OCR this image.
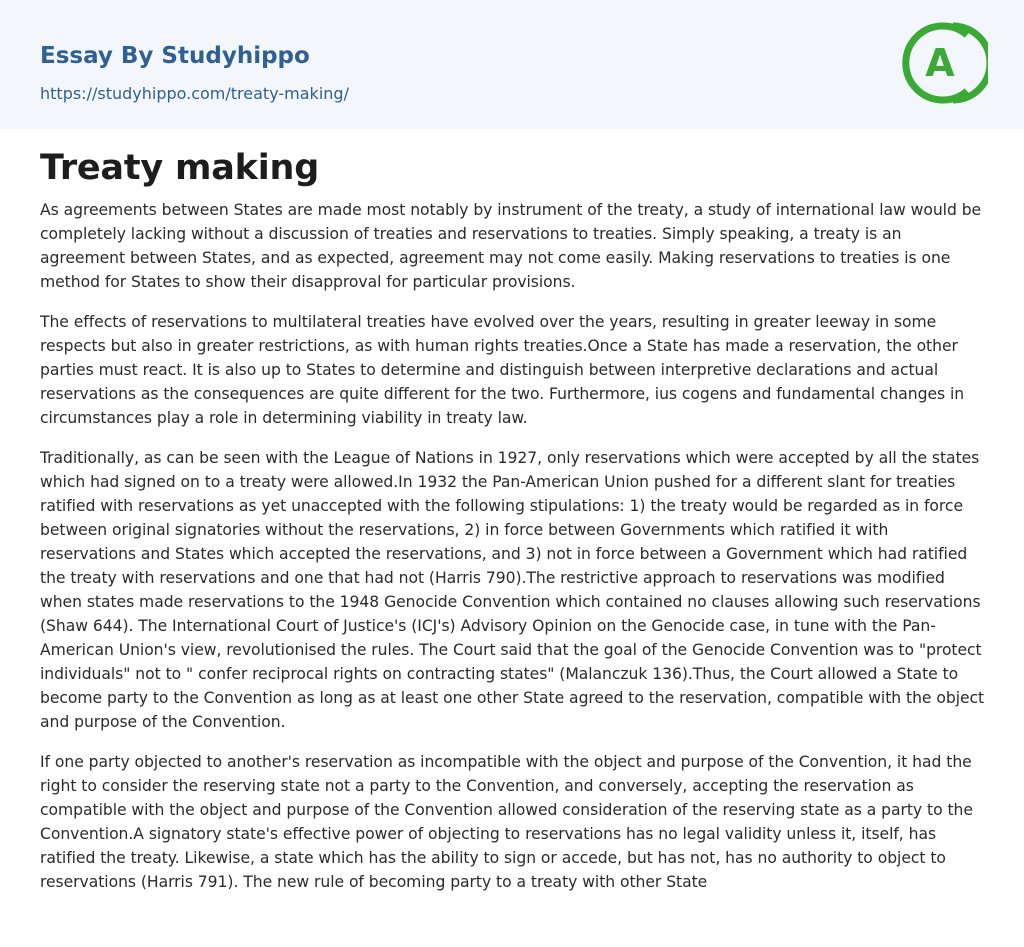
Essay By Studyhippo
https://studyhippo.com/treaty-making/
A
Treaty making

As agreements between States are made most notably by instrument of the treaty, a study of international law would be completely lacking without a discussion of treaties and reservations to treaties. Simply speaking, a treaty is an agreement between States, and as expected, agreement may not come easily. Making reservations to treaties is one method for States to show their disapproval for particular provisions.

The effects of reservations to multilateral treaties have evolved over the years, resulting in greater leeway in some respects but also in greater restrictions, as with human rights treaties.Once a State has made a reservation, the other parties must react. It is also up to States to determine and distinguish between interpretive declarations and actual reservations as the consequences are quite different for the two. Furthermore, ius cogens and fundamental changes in circumstances play a role in determining viability in treaty law.

Traditionally, as can be seen with the League of Nations in 1927, only reservations which were accepted by all the states which had signed on to a treaty were allowed.In 1932 the Pan-American Union pushed for a different slant for treaties ratified with reservations as yet unaccepted with the following stipulations: 1) the treaty would be regarded as in force between original signatories without the reservations, 2) in force between Governments which ratified it with reservations and States which accepted the reservations, and 3) not in force between a Government which had ratified the treaty with reservations and one that had not (Harris 790).The restrictive approach to reservations was modified when states made reservations to the 1948 Genocide Convention which contained no clauses allowing such reservations (Shaw 644). The International Court of Justice's (ICJ's) Advisory Opinion on the Genocide case, in tune with the Pan-American Union's view, revolutionised the rules. The Court said that the goal of the Genocide Convention was to "protect individuals" not to " confer reciprocal rights on contracting states" (Malanczuk 136).Thus, the Court allowed a State to become party to the Convention as long as at least one other State agreed to the reservation, compatible with the object and purpose of the Convention.

If one party objected to another's reservation as incompatible with the object and purpose of the Convention, it had the right to consider the reserving state not a party to the Convention, and conversely, accepting the reservation as compatible with the object and purpose of the Convention allowed consideration of the reserving state as a party to the Convention.A signatory state's effective power of objecting to reservations has no legal validity unless it, itself, has ratified the treaty. Likewise, a state which has the ability to sign or accede, but has not, has no authority to object to reservations (Harris 791). The new rule of becoming party to a treaty with other State
